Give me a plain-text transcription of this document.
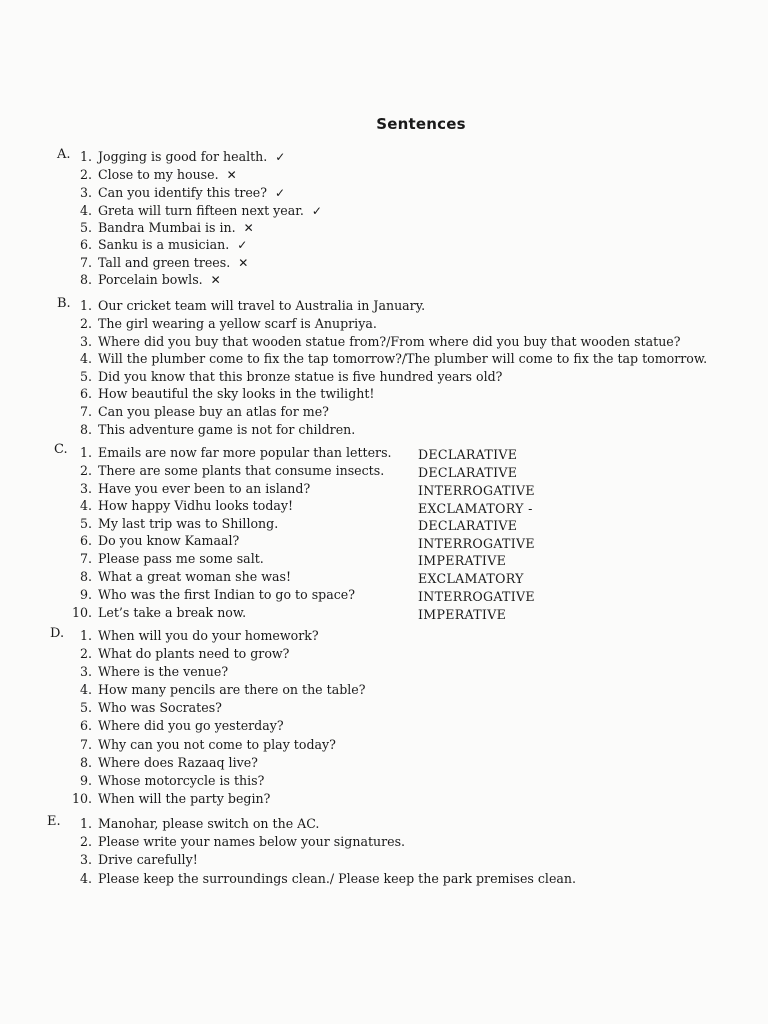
Sentences
A. 1. Jogging is good for health. ✓
2. Close to my house. ✕
3. Can you identify this tree? ✓
4. Greta will turn fifteen next year. ✓
5. Bandra Mumbai is in. ✕
6. Sanku is a musician. ✓
7. Tall and green trees. ✕
8. Porcelain bowls. ✕
B. 1. Our cricket team will travel to Australia in January.
2. The girl wearing a yellow scarf is Anupriya.
3. Where did you buy that wooden statue from?/From where did you buy that wooden statue?
4. Will the plumber come to fix the tap tomorrow?/The plumber will come to fix the tap tomorrow.
5. Did you know that this bronze statue is five hundred years old?
6. How beautiful the sky looks in the twilight!
7. Can you please buy an atlas for me?
8. This adventure game is not for children.
C. 1. Emails are now far more popular than letters. DECLARATIVE
2. There are some plants that consume insects.	DECLARATIVE
3. Have you ever been to an island?	INTERROGATIVE
4. How happy Vidhu looks today!	EXCLAMATORY -
5. My last trip was to Shillong.	DECLARATIVE
6. Do you know Kamaal?	INTERROGATIVE
7. Please pass me some salt.	IMPERATIVE
8. What a great woman she was!	EXCLAMATORY
9. Who was the first Indian to go to space?	INTERROGATIVE
10. Let’s take a break now.	IMPERATIVE
D.	1. When will you do your homework?
2. What do plants need to grow?
3. Where is the venue?
4. How many pencils are there on the table?
5. Who was Socrates?
6. Where did you go yesterday?
7. Why can you not come to play today?
8. Where does Razaaq live?
9. Whose motorcycle is this?
10. When will the party begin?
E.	1. Manohar, please switch on the AC.
2. Please write your names below your signatures.
3. Drive carefully!
4. Please keep the surroundings clean./ Please keep the park premises clean.
